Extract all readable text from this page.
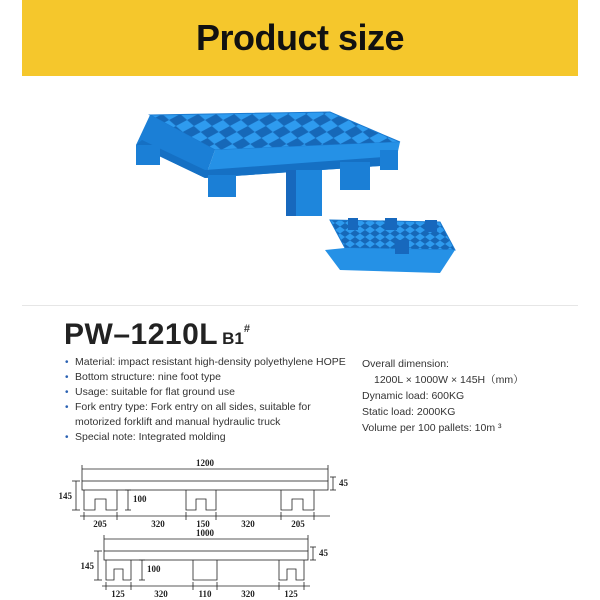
Product size
PW–1210L B1#
• Material: impact resistant high-density polyethylene HOPE
• Bottom structure: nine foot type
• Usage: suitable for flat ground use
• Fork entry type: Fork entry on all sides, suitable for
motorized forklift and manual hydraulic truck
• Special note: Integrated molding
Overall dimension:
1200L × 1000W × 145H（mm）
Dynamic load: 600KG
Static load: 2000KG
Volume per 100 pallets: 10m ³
1200
145	100
45
205	320	150	320	205
1000
145	100
45
125	320	110	320	125
